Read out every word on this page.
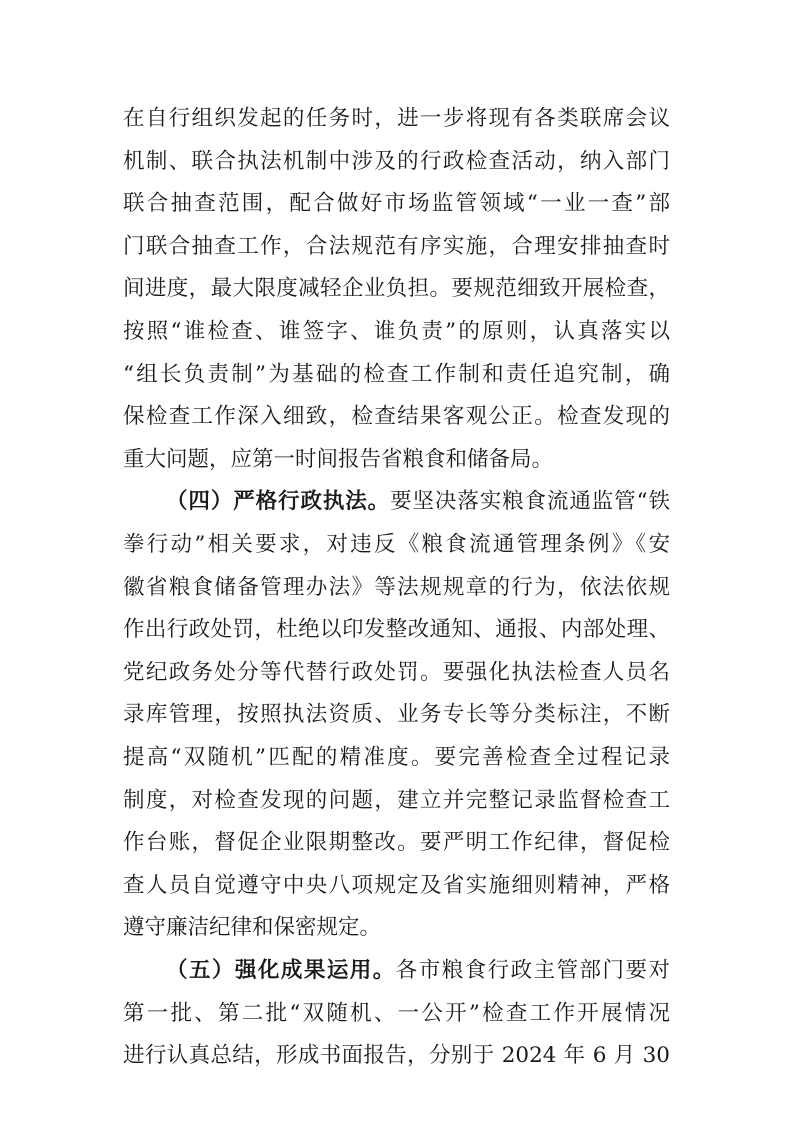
在自行组织发起的任务时，进一步将现有各类联席会议
机制、联合执法机制中涉及的行政检查活动，纳入部门
联合抽查范围，配合做好市场监管领域“一业一查”部
门联合抽查工作，合法规范有序实施，合理安排抽查时
间进度，最大限度减轻企业负担。要规范细致开展检查，
按照“谁检查、谁签字、谁负责”的原则，认真落实以
“组长负责制”为基础的检查工作制和责任追究制，确
保检查工作深入细致，检查结果客观公正。检查发现的
重大问题，应第一时间报告省粮食和储备局。
（四）严格行政执法。要坚决落实粮食流通监管“铁
拳行动”相关要求，对违反《粮食流通管理条例》《安
徽省粮食储备管理办法》等法规规章的行为，依法依规
作出行政处罚，杜绝以印发整改通知、通报、内部处理、
党纪政务处分等代替行政处罚。要强化执法检查人员名
录库管理，按照执法资质、业务专长等分类标注，不断
提高“双随机”匹配的精准度。要完善检查全过程记录
制度，对检查发现的问题，建立并完整记录监督检查工
作台账，督促企业限期整改。要严明工作纪律，督促检
查人员自觉遵守中央八项规定及省实施细则精神，严格
遵守廉洁纪律和保密规定。
（五）强化成果运用。各市粮食行政主管部门要对
第一批、第二批“双随机、一公开”检查工作开展情况
进行认真总结，形成书面报告，分别于 2024 年 6 月 30
